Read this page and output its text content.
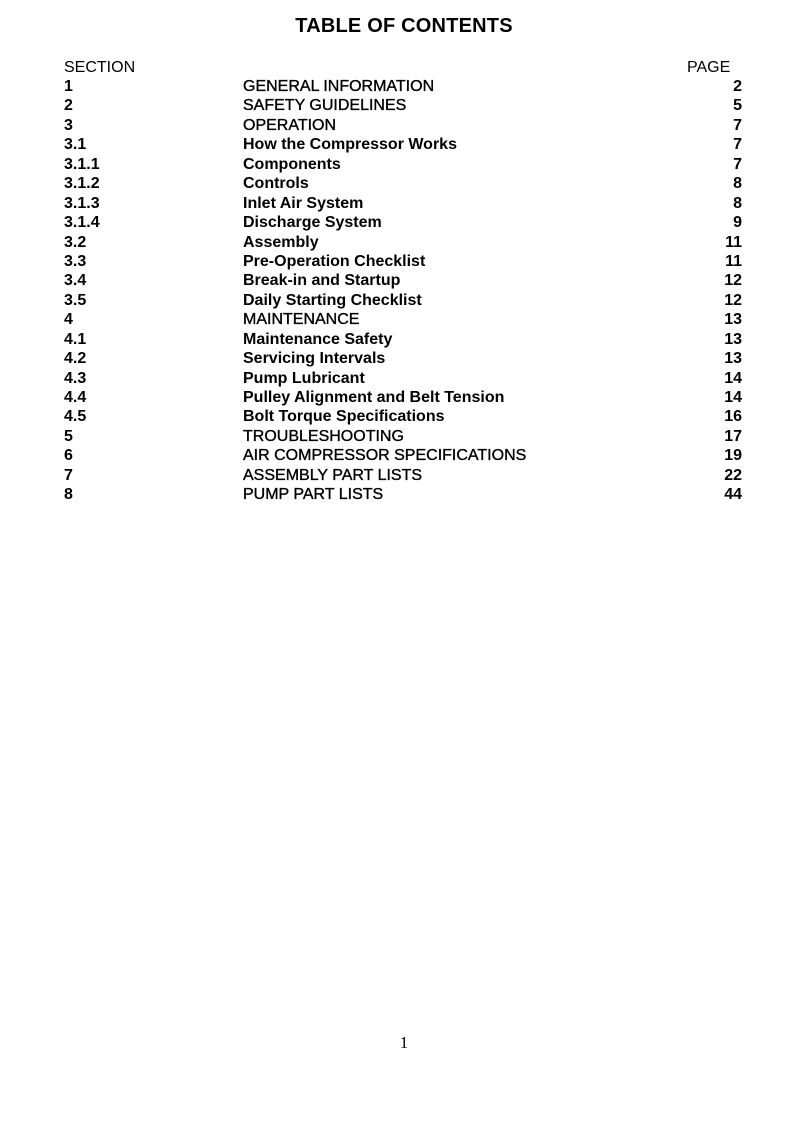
TABLE OF CONTENTS
SECTION	PAGE
1	GENERAL INFORMATION	2
2	SAFETY GUIDELINES	5
3	OPERATION	7
3.1	How the Compressor Works	7
3.1.1	Components	7
3.1.2	Controls	8
3.1.3	Inlet Air System	8
3.1.4	Discharge System	9
3.2	Assembly	11
3.3	Pre-Operation Checklist	11
3.4	Break-in and Startup	12
3.5	Daily Starting Checklist	12
4	MAINTENANCE	13
4.1	Maintenance Safety	13
4.2	Servicing Intervals	13
4.3	Pump Lubricant	14
4.4	Pulley Alignment and Belt Tension	14
4.5	Bolt Torque Specifications	16
5	TROUBLESHOOTING	17
6	AIR COMPRESSOR SPECIFICATIONS	19
7	ASSEMBLY PART LISTS	22
8	PUMP PART LISTS	44
1
